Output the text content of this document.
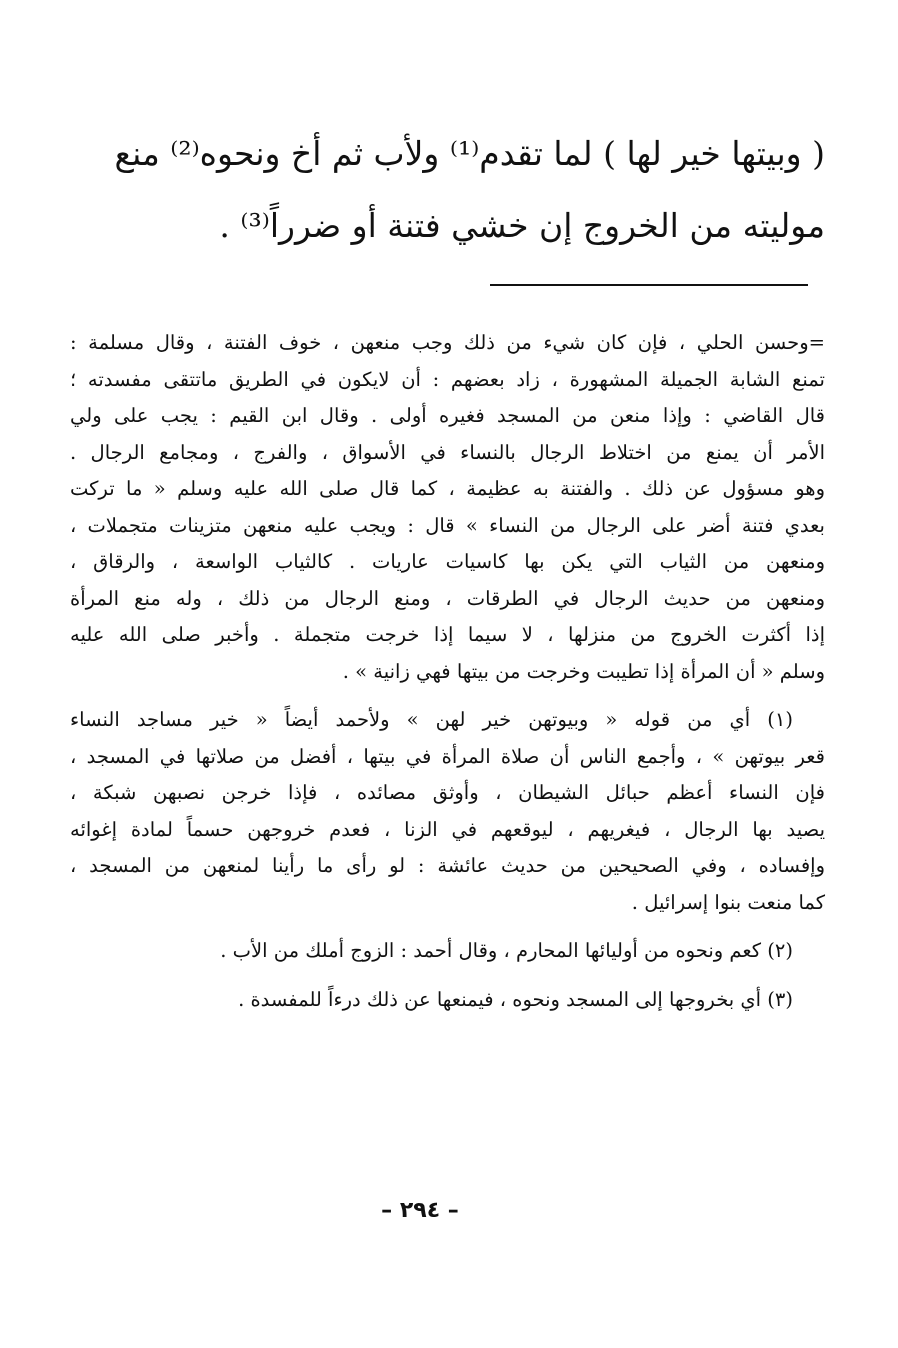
( وبيتها خير لها ) لما تقدم⁽¹⁾ ولأب ثم أخ ونحوه⁽²⁾ منع

موليته من الخروج إن خشي فتنة أو ضرراً⁽³⁾ .

=وحسن الحلي ، فإن كان شيء من ذلك وجب منعهن ، خوف الفتنة ، وقال مسلمة :
تمنع الشابة الجميلة المشهورة ، زاد بعضهم : أن لايكون في الطريق ماتتقى مفسدته ؛
قال القاضي : وإذا منعن من المسجد فغيره أولى . وقال ابن القيم : يجب على ولي
الأمر أن يمنع من اختلاط الرجال بالنساء في الأسواق ، والفرج ، ومجامع الرجال .
وهو مسؤول عن ذلك . والفتنة به عظيمة ، كما قال صلى الله عليه وسلم « ما تركت
بعدي فتنة أضر على الرجال من النساء » قال : ويجب عليه منعهن متزينات متجملات ،
ومنعهن من الثياب التي يكن بها كاسيات عاريات . كالثياب الواسعة ، والرقاق ،
ومنعهن من حديث الرجال في الطرقات ، ومنع الرجال من ذلك ، وله منع المرأة
إذا أكثرت الخروج من منزلها ، لا سيما إذا خرجت متجملة . وأخبر صلى الله عليه
وسلم « أن المرأة إذا تطيبت وخرجت من بيتها فهي زانية » .
(١) أي من قوله « وبيوتهن خير لهن » ولأحمد أيضاً « خير مساجد النساء
قعر بيوتهن » ، وأجمع الناس أن صلاة المرأة في بيتها ، أفضل من صلاتها في المسجد ،
فإن النساء أعظم حبائل الشيطان ، وأوثق مصائده ، فإذا خرجن نصبهن شبكة ،
يصيد بها الرجال ، فيغريهم ، ليوقعهم في الزنا ، فعدم خروجهن حسماً لمادة إغوائه
وإفساده ، وفي الصحيحين من حديث عائشة : لو رأى ما رأينا لمنعهن من المسجد ،
كما منعت بنوا إسرائيل .
(٢) كعم ونحوه من أوليائها المحارم ، وقال أحمد : الزوج أملك من الأب .
(٣) أي بخروجها إلى المسجد ونحوه ، فيمنعها عن ذلك درءاً للمفسدة .
– ٢٩٤ –
